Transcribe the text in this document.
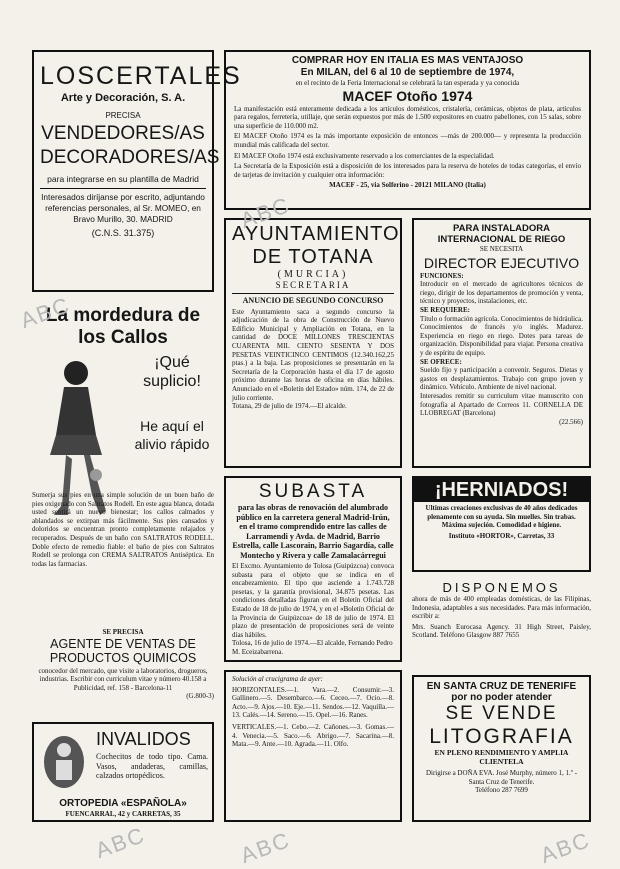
LOSCERTALES
Arte y Decoración, S. A.
PRECISA
VENDEDORES/AS DECORADORES/AS
para integrarse en su plantilla de Madrid
Interesados diríjanse por escrito, adjuntando referencias personales, al Sr. MOMEO, en Bravo Murillo, 30. MADRID
(C.N.S. 31.375)
COMPRAR HOY EN ITALIA ES MAS VENTAJOSO
En MILAN, del 6 al 10 de septiembre de 1974,
en el recinto de la Feria Internacional se celebrará la tan esperada y ya conocida
MACEF Otoño 1974
La manifestación está enteramente dedicada a los artículos domésticos, cristalería, cerámicas, objetos de plata, artículos para regalos, ferretería, utillaje, que serán expuestos por más de 1.500 expositores en cuatro pabellones, con 15 salas, sobre una superficie de 110.000 m2.
El MACEF Otoño 1974 es la más importante exposición de entonces —más de 200.000— y representa la producción mundial más calificada del sector.
El MACEF Otoño 1974 está exclusivamente reservado a los comerciantes de la especialidad.
La Secretaría de la Exposición está a disposición de los interesados para la reserva de hoteles de todas categorías, el envío de tarjetas de invitación y cualquier otra información:
MACEF - 25, via Solferino - 20121 MILANO (Italia)
La mordedura de los Callos
¡Qué suplicio!
He aquí el alivio rápido
Sumerja sus pies en una simple solución de un buen baño de pies oxigenado con Saltratos Rodell. En este agua blanca, dotada usted sentirá un nuevo bienestar; los callos calmados y ablandados se extirpan más fácilmente. Sus pies cansados y doloridos se encuentran pronto completamente relajados y recuperados. Después de un baño con SALTRATOS RODELL. Doble efecto de remedio fiable: el baño de pies con Saltratos Rodell se prolonga con CREMA SALTRATOS Antiséptica. En todas las farmacias.
SE PRECISA
AGENTE DE VENTAS DE PRODUCTOS QUIMICOS
conocedor del mercado, que visite a laboratorios, drogueros, industrias. Escribir con curriculum vitae y número 40.158 a Publicidad, ref. 158 - Barcelona-11
(G.800-3)
INVALIDOS
Cochecitos de todo tipo. Cama. Vasos, andaderas, camillas, calzados ortopédicos.
ORTOPEDIA «ESPAÑOLA»
FUENCARRAL, 42 y CARRETAS, 35
AYUNTAMIENTO DE TOTANA
(MURCIA)
SECRETARIA
ANUNCIO DE SEGUNDO CONCURSO
Este Ayuntamiento saca a segundo concurso la adjudicación de la obra de Construcción de Nuevo Edificio Municipal y Ampliación en Totana, en la cantidad de DOCE MILLONES TRESCIENTAS CUARENTA MIL CIENTO SESENTA Y DOS PESETAS VEINTICINCO CENTIMOS (12.340.162,25 ptas.) a la baja. Las proposiciones se presentarán en la Secretaría de la Corporación hasta el día 17 de agosto próximo durante las horas de oficina en días hábiles. Anunciado en el «Boletín del Estado» núm. 174, de 22 de julio corriente.
Totana, 29 de julio de 1974.—El alcalde.
PARA INSTALADORA INTERNACIONAL DE RIEGO
SE NECESITA
DIRECTOR EJECUTIVO
FUNCIONES:
Introducir en el mercado de agricultores técnicos de riego, dirigir de los departamentos de promoción y venta, técnico y proyectos, instalaciones, etc.
SE REQUIERE:
Título o formación agrícola. Conocimientos de hidráulica. Conocimientos de francés y/o inglés. Madurez. Experiencia en riego en riego. Dotes para tareas de organización. Disponibilidad para viajar. Persona creativa y de espíritu de equipo.
SE OFRECE:
Sueldo fijo y participación a convenir. Seguros. Dietas y gastos en desplazamientos. Trabajo con grupo joven y dinámico. Vehículo. Ambiente de nivel nacional.
Interesados remitir su curriculum vitae manuscrito con fotografía al Apartado de Correos 11. CORNELLA DE LLOBREGAT (Barcelona)
(22.566)
SUBASTA
para las obras de renovación del alumbrado público en la carretera general Madrid-Irún, en el tramo comprendido entre las calles de Larramendi y Avda. de Madrid, Barrio Estrella, calle Lascorain, Barrio Sagardía, calle Montecho y Rivera y calle Zamalacárregui
El Excmo. Ayuntamiento de Tolosa (Guipúzcoa) convoca subasta para el objeto que se indica en el encabezamiento. El tipo que asciende a 1.743.728 pesetas, y la garantía provisional, 34.875 pesetas. Las condiciones detalladas figuran en el Boletín Oficial del Estado de 18 de julio de 1974, y en el «Boletín Oficial de la Provincia de Guipúzcoa» de 18 de julio de 1974. El plazo de presentación de proposiciones será de veinte días hábiles.
Tolosa, 16 de julio de 1974.—El alcalde, Fernando Pedro M. Eceizabarrena.
Solución al crucigrama de ayer:
HORIZONTALES.—1. Vara.—2. Consumir.—3. Gallinero.—5. Desembarco.—6. Ceceo.—7. Ocio.—8. Acto.—9. Ajos.—10. Eje.—11. Sendos.—12. Vaquilla.—13. Calés.—14. Sereno.—15. Opel.—16. Ranes.
VERTICALES.—1. Cebo.—2. Cañones.—3. Gomas.—4. Venecia.—5. Saco.—6. Abrigo.—7. Sacarina.—8. Mata.—9. Ante.—10. Agrada.—11. Olfo.
¡HERNIADOS!
Ultimas creaciones exclusivas de 40 años dedicados plenamente con su ayuda. Sin muelles. Sin trabas. Máxima sujeción. Comodidad e higiene.
Instituto «HORTOR», Carretas, 33
DISPONEMOS
ahora de más de 400 empleadas domésticas, de las Filipinas, Indonesia, adaptables a sus necesidades. Para más información, escribir a:
Mrs. Suanch Eurocasa Agency. 31 High Street, Paisley, Scotland. Teléfono Glasgow 887 7655
EN SANTA CRUZ DE TENERIFE
por no poder atender
SE VENDE
LITOGRAFIA
EN PLENO RENDIMIENTO Y AMPLIA CLIENTELA
Dirigirse a DOÑA EVA. José Murphy, número 1, 1.º - Santa Cruz de Tenerife.
Teléfono 287 7699
ABC
ABC
ABC	ABC
ABC
